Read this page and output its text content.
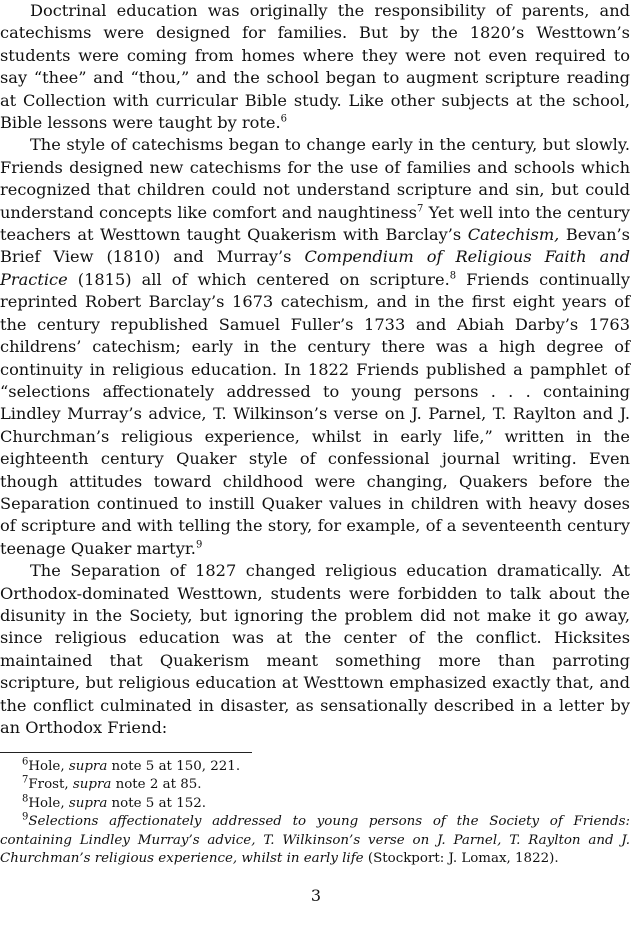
Doctrinal education was originally the responsibility of parents, and catechisms were designed for families. But by the 1820’s Westtown’s students were coming from homes where they were not even required to say “thee” and “thou,” and the school began to augment scripture reading at Collection with curricular Bible study. Like other subjects at the school, Bible lessons were taught by rote.$^6$

The style of catechisms began to change early in the century, but slowly. Friends designed new catechisms for the use of families and schools which recognized that children could not understand scripture and sin, but could understand concepts like comfort and naughtiness$^7$ Yet well into the century teachers at Westtown taught Quakerism with Barclay’s Catechism, Bevan’s Brief View (1810) and Murray’s Compendium of Religious Faith and Practice (1815) all of which centered on scripture.$^8$ Friends continually reprinted Robert Barclay’s 1673 catechism, and in the first eight years of the century republished Samuel Fuller’s 1733 and Abiah Darby’s 1763 childrens’ catechism; early in the century there was a high degree of continuity in religious education. In 1822 Friends published a pamphlet of “selections affectionately addressed to young persons . . . containing Lindley Murray’s advice, T. Wilkinson’s verse on J. Parnel, T. Raylton and J. Churchman’s religious experience, whilst in early life,” written in the eighteenth century Quaker style of confessional journal writing. Even though attitudes toward childhood were changing, Quakers before the Separation continued to instill Quaker values in children with heavy doses of scripture and with telling the story, for example, of a seventeenth century teenage Quaker martyr.$^9$

The Separation of 1827 changed religious education dramatically. At Orthodox-dominated Westtown, students were forbidden to talk about the disunity in the Society, but ignoring the problem did not make it go away, since religious education was at the center of the conflict. Hicksites maintained that Quakerism meant something more than parroting scripture, but religious education at Westtown emphasized exactly that, and the conflict culminated in disaster, as sensationally described in a letter by an Orthodox Friend:

$^6$Hole, supra note 5 at 150, 221.

$^7$Frost, supra note 2 at 85.

$^8$Hole, supra note 5 at 152.

$^9$Selections affectionately addressed to young persons of the Society of Friends: containing Lindley Murray’s advice, T. Wilkinson’s verse on J. Parnel, T. Raylton and J. Churchman’s religious experience, whilst in early life (Stockport: J. Lomax, 1822).

3
